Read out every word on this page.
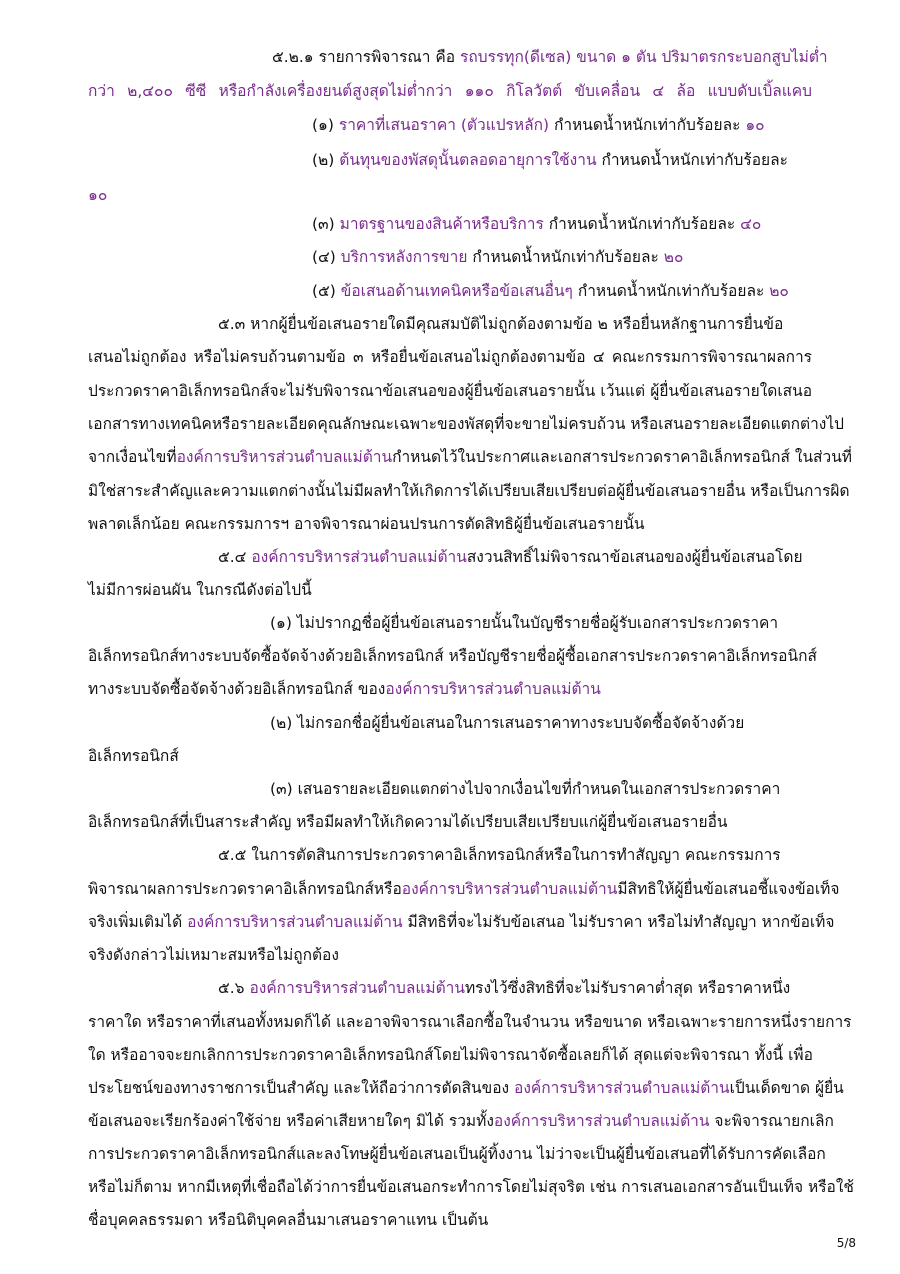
๕.๒.๑ รายการพิจารณา คือ รถบรรทุก(ดีเซล) ขนาด ๑ ตัน ปริมาตรกระบอกสูบไม่ต่ำ
กว่า ๒,๔๐๐ ซีซี หรือกำลังเครื่องยนต์สูงสุดไม่ต่ำกว่า ๑๑๐ กิโลวัตต์ ขับเคลื่อน ๔ ล้อ แบบดับเบิ้ลแคบ
(๑) ราคาที่เสนอราคา (ตัวแปรหลัก) กำหนดน้ำหนักเท่ากับร้อยละ ๑๐
(๒) ต้นทุนของพัสดุนั้นตลอดอายุการใช้งาน กำหนดน้ำหนักเท่ากับร้อยละ
๑๐
(๓) มาตรฐานของสินค้าหรือบริการ กำหนดน้ำหนักเท่ากับร้อยละ ๔๐
(๔) บริการหลังการขาย กำหนดน้ำหนักเท่ากับร้อยละ ๒๐
(๕) ข้อเสนอด้านเทคนิคหรือข้อเสนอื่นๆ กำหนดน้ำหนักเท่ากับร้อยละ ๒๐
๕.๓ หากผู้ยื่นข้อเสนอรายใดมีคุณสมบัติไม่ถูกต้องตามข้อ ๒ หรือยื่นหลักฐานการยื่นข้อ
เสนอไม่ถูกต้อง หรือไม่ครบถ้วนตามข้อ ๓ หรือยื่นข้อเสนอไม่ถูกต้องตามข้อ ๔ คณะกรรมการพิจารณาผลการ
ประกวดราคาอิเล็กทรอนิกส์จะไม่รับพิจารณาข้อเสนอของผู้ยื่นข้อเสนอรายนั้น เว้นแต่ ผู้ยื่นข้อเสนอรายใดเสนอ
เอกสารทางเทคนิคหรือรายละเอียดคุณลักษณะเฉพาะของพัสดุที่จะขายไม่ครบถ้วน หรือเสนอรายละเอียดแตกต่างไป
จากเงื่อนไขที่องค์การบริหารส่วนตำบลแม่ต้านกำหนดไว้ในประกาศและเอกสารประกวดราคาอิเล็กทรอนิกส์ ในส่วนที่
มิใช่สาระสำคัญและความแตกต่างนั้นไม่มีผลทำให้เกิดการได้เปรียบเสียเปรียบต่อผู้ยื่นข้อเสนอรายอื่น หรือเป็นการผิด
พลาดเล็กน้อย คณะกรรมการฯ อาจพิจารณาผ่อนปรนการตัดสิทธิผู้ยื่นข้อเสนอรายนั้น
๕.๔ องค์การบริหารส่วนตำบลแม่ต้านสงวนสิทธิ์ไม่พิจารณาข้อเสนอของผู้ยื่นข้อเสนอโดย
ไม่มีการผ่อนผัน ในกรณีดังต่อไปนี้
(๑) ไม่ปรากฏชื่อผู้ยื่นข้อเสนอรายนั้นในบัญชีรายชื่อผู้รับเอกสารประกวดราคา
อิเล็กทรอนิกส์ทางระบบจัดซื้อจัดจ้างด้วยอิเล็กทรอนิกส์ หรือบัญชีรายชื่อผู้ซื้อเอกสารประกวดราคาอิเล็กทรอนิกส์
ทางระบบจัดซื้อจัดจ้างด้วยอิเล็กทรอนิกส์ ขององค์การบริหารส่วนตำบลแม่ต้าน
(๒) ไม่กรอกชื่อผู้ยื่นข้อเสนอในการเสนอราคาทางระบบจัดซื้อจัดจ้างด้วย
อิเล็กทรอนิกส์
(๓) เสนอรายละเอียดแตกต่างไปจากเงื่อนไขที่กำหนดในเอกสารประกวดราคา
อิเล็กทรอนิกส์ที่เป็นสาระสำคัญ หรือมีผลทำให้เกิดความได้เปรียบเสียเปรียบแก่ผู้ยื่นข้อเสนอรายอื่น
๕.๕ ในการตัดสินการประกวดราคาอิเล็กทรอนิกส์หรือในการทำสัญญา คณะกรรมการ
พิจารณาผลการประกวดราคาอิเล็กทรอนิกส์หรือองค์การบริหารส่วนตำบลแม่ต้านมีสิทธิให้ผู้ยื่นข้อเสนอชี้แจงข้อเท็จ
จริงเพิ่มเติมได้ องค์การบริหารส่วนตำบลแม่ต้าน มีสิทธิที่จะไม่รับข้อเสนอ ไม่รับราคา หรือไม่ทำสัญญา หากข้อเท็จ
จริงดังกล่าวไม่เหมาะสมหรือไม่ถูกต้อง
๕.๖ องค์การบริหารส่วนตำบลแม่ต้านทรงไว้ซึ่งสิทธิที่จะไม่รับราคาต่ำสุด หรือราคาหนึ่ง
ราคาใด หรือราคาที่เสนอทั้งหมดก็ได้ และอาจพิจารณาเลือกซื้อในจำนวน หรือขนาด หรือเฉพาะรายการหนึ่งรายการ
ใด หรืออาจจะยกเลิกการประกวดราคาอิเล็กทรอนิกส์โดยไม่พิจารณาจัดซื้อเลยก็ได้ สุดแต่จะพิจารณา ทั้งนี้ เพื่อ
ประโยชน์ของทางราชการเป็นสำคัญ และให้ถือว่าการตัดสินของ องค์การบริหารส่วนตำบลแม่ต้านเป็นเด็ดขาด ผู้ยื่น
ข้อเสนอจะเรียกร้องค่าใช้จ่าย หรือค่าเสียหายใดๆ มิได้ รวมทั้งองค์การบริหารส่วนตำบลแม่ต้าน จะพิจารณายกเลิก
การประกวดราคาอิเล็กทรอนิกส์และลงโทษผู้ยื่นข้อเสนอเป็นผู้ทิ้งงาน ไม่ว่าจะเป็นผู้ยื่นข้อเสนอที่ได้รับการคัดเลือก
หรือไม่ก็ตาม หากมีเหตุที่เชื่อถือได้ว่าการยื่นข้อเสนอกระทำการโดยไม่สุจริต เช่น การเสนอเอกสารอันเป็นเท็จ หรือใช้
ชื่อบุคคลธรรมดา หรือนิติบุคคลอื่นมาเสนอราคาแทน เป็นต้น
5/8
